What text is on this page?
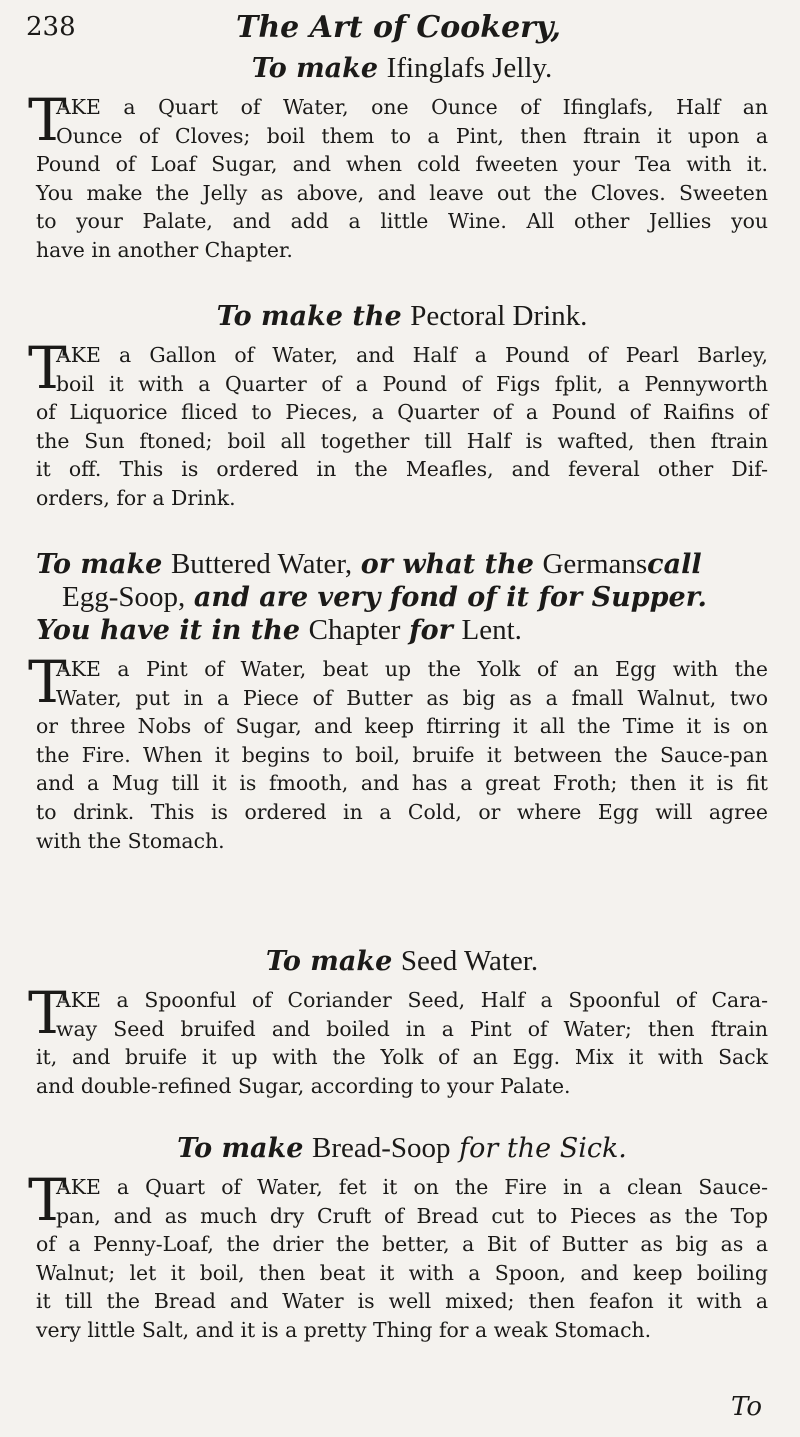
238	The Art of Cookery,
To make Ifinglafs Jelly.
T
AKE a Quart of Water, one Ounce of Ifinglafs, Half an
Ounce of Cloves; boil them to a Pint, then ftrain it upon a
Pound of Loaf Sugar, and when cold fweeten your Tea with it.
You make the Jelly as above, and leave out the Cloves. Sweeten
to your Palate, and add a little Wine. All other Jellies you
have in another Chapter.
To make the Pectoral Drink.
T
AKE a Gallon of Water, and Half a Pound of Pearl Barley,
boil it with a Quarter of a Pound of Figs fplit, a Pennyworth
of Liquorice fliced to Pieces, a Quarter of a Pound of Raifins of
the Sun ftoned; boil all together till Half is wafted, then ftrain
it off. This is ordered in the Meafles, and feveral other Dif-
orders, for a Drink.
To make Buttered Water, or what the Germanscall
Egg-Soop, and are very fond of it for Supper.
You have it in the Chapter for Lent.
T
AKE a Pint of Water, beat up the Yolk of an Egg with the
Water, put in a Piece of Butter as big as a fmall Walnut, two
or three Nobs of Sugar, and keep ftirring it all the Time it is on
the Fire. When it begins to boil, bruife it between the Sauce-pan
and a Mug till it is fmooth, and has a great Froth; then it is fit
to drink. This is ordered in a Cold, or where Egg will agree
with the Stomach.
To make Seed Water.
T
AKE a Spoonful of Coriander Seed, Half a Spoonful of Cara-
way Seed bruifed and boiled in a Pint of Water; then ftrain
it, and bruife it up with the Yolk of an Egg. Mix it with Sack
and double-refined Sugar, according to your Palate.
To make Bread-Soop for the Sick.
T
AKE a Quart of Water, fet it on the Fire in a clean Sauce-
pan, and as much dry Cruft of Bread cut to Pieces as the Top
of a Penny-Loaf, the drier the better, a Bit of Butter as big as a
Walnut; let it boil, then beat it with a Spoon, and keep boiling
it till the Bread and Water is well mixed; then feafon it with a
very little Salt, and it is a pretty Thing for a weak Stomach.
To
